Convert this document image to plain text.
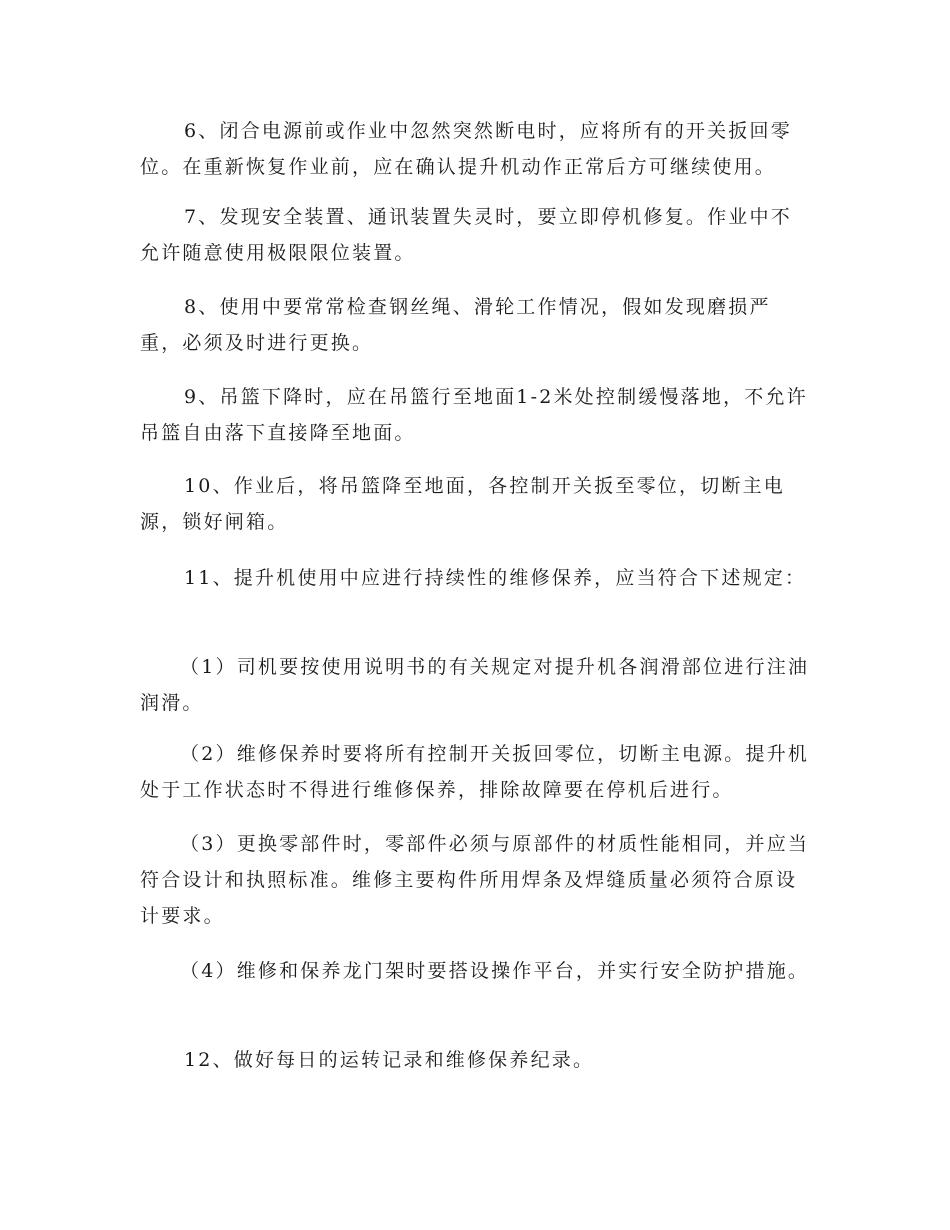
6、闭合电源前或作业中忽然突然断电时，应将所有的开关扳回零位。在重新恢复作业前，应在确认提升机动作正常后方可继续使用。

7、发现安全装置、通讯装置失灵时，要立即停机修复。作业中不允许随意使用极限限位装置。

8、使用中要常常检查钢丝绳、滑轮工作情况，假如发现磨损严重，必须及时进行更换。

9、吊篮下降时，应在吊篮行至地面1-2米处控制缓慢落地，不允许吊篮自由落下直接降至地面。

10、作业后，将吊篮降至地面，各控制开关扳至零位，切断主电源，锁好闸箱。

11、提升机使用中应进行持续性的维修保养，应当符合下述规定：

（1）司机要按使用说明书的有关规定对提升机各润滑部位进行注油润滑。

（2）维修保养时要将所有控制开关扳回零位，切断主电源。提升机处于工作状态时不得进行维修保养，排除故障要在停机后进行。

（3）更换零部件时，零部件必须与原部件的材质性能相同，并应当符合设计和执照标准。维修主要构件所用焊条及焊缝质量必须符合原设计要求。

（4）维修和保养龙门架时要搭设操作平台，并实行安全防护措施。

12、做好每日的运转记录和维修保养纪录。
